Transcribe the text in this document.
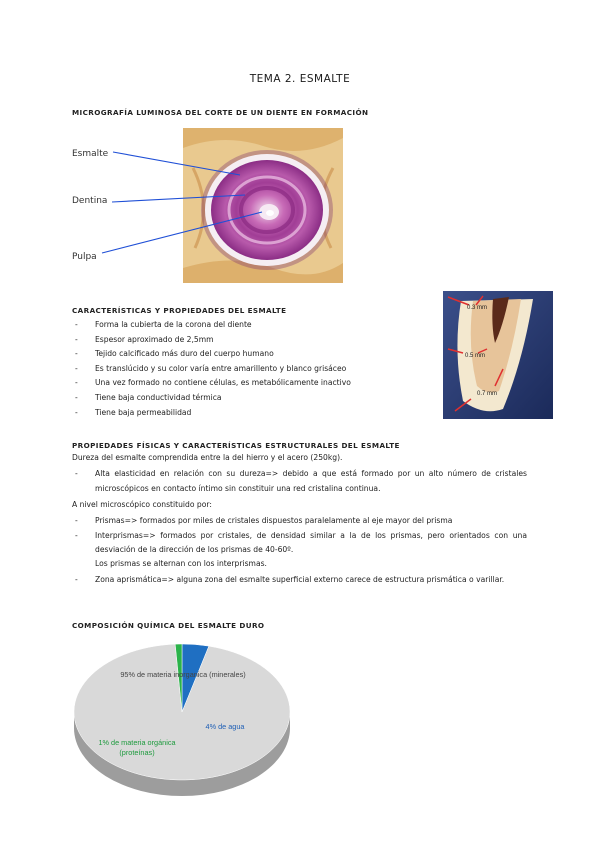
TEMA 2. ESMALTE
MICROGRAFÍA LUMINOSA DEL CORTE DE UN DIENTE EN FORMACIÓN
Esmalte
Dentina
Pulpa
0.3 mm
0.5 mm
0.7 mm
CARACTERÍSTICAS Y PROPIEDADES DEL ESMALTE
- Forma la cubierta de la corona del diente
- Espesor aproximado de 2,5mm
- Tejido calcificado más duro del cuerpo humano
- Es translúcido y su color varía entre amarillento y blanco grisáceo
- Una vez formado no contiene células, es metabólicamente inactivo
- Tiene baja conductividad térmica
- Tiene baja permeabilidad
PROPIEDADES FÍSICAS Y CARACTERÍSTICAS ESTRUCTURALES DEL ESMALTE
Dureza del esmalte comprendida entre la del hierro y el acero (250kg).
- Alta elasticidad en relación con su dureza=> debido a que está formado por un alto número de cristales microscópicos en contacto íntimo sin constituir una red cristalina continua.
A nivel microscópico constituido por:
- Prismas=> formados por miles de cristales dispuestos paralelamente al eje mayor del prisma
- Interprismas=> formados por cristales, de densidad similar a la de los prismas, pero orientados con una desviación de la dirección de los prismas de 40-60º.
Los prismas se alternan con los interprismas.
- Zona aprismática=> alguna zona del esmalte superficial externo carece de estructura prismática o varillar.
COMPOSICIÓN QUÍMICA DEL ESMALTE DURO
95% de materia inorganica (minerales)
4% de agua
1% de materia orgánica (proteínas)
